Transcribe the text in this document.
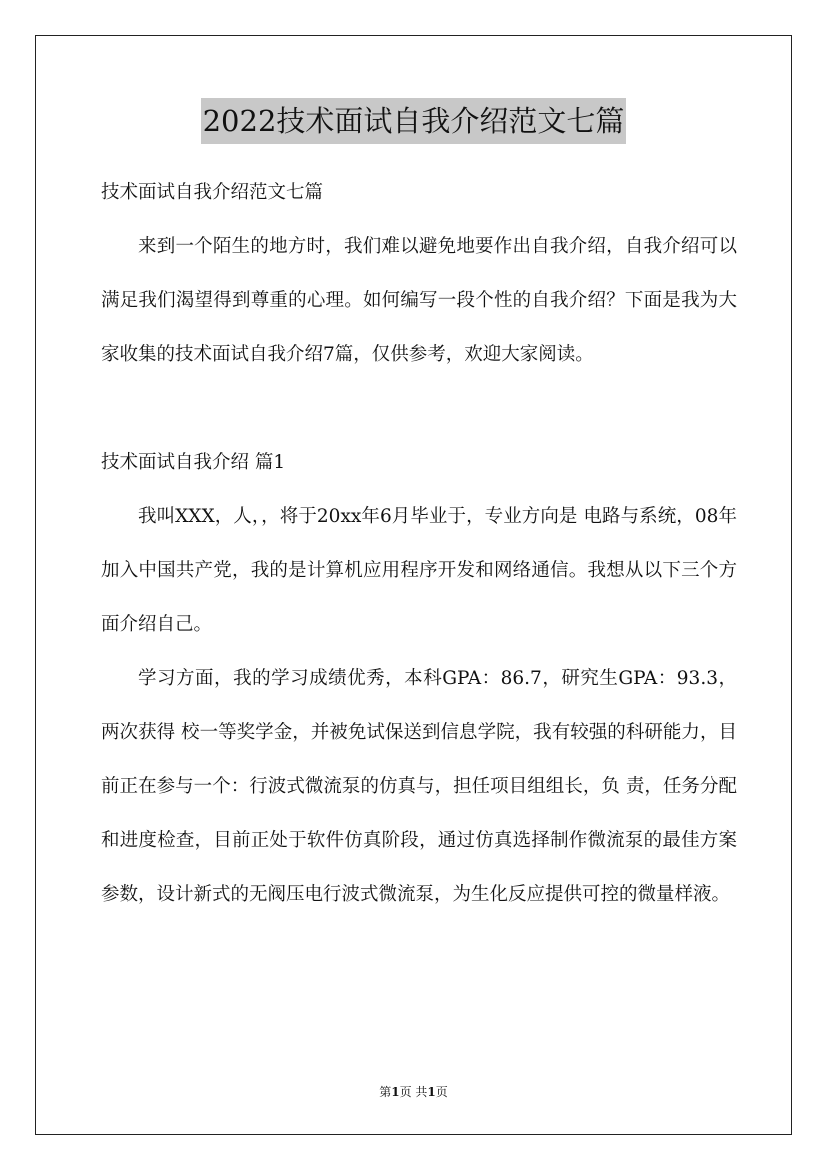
2022技术面试自我介绍范文七篇

技术面试自我介绍范文七篇

来到一个陌生的地方时，我们难以避免地要作出自我介绍，自我介绍可以满足我们渴望得到尊重的心理。如何编写一段个性的自我介绍？下面是我为大家收集的技术面试自我介绍7篇，仅供参考，欢迎大家阅读。

技术面试自我介绍 篇1

我叫XXX，人，，将于20xx年6月毕业于，专业方向是 电路与系统，08年加入中国共产党，我的是计算机应用程序开发和网络通信。我想从以下三个方面介绍自己。

学习方面，我的学习成绩优秀，本科GPA：86.7，研究生GPA：93.3，两次获得 校一等奖学金，并被免试保送到信息学院，我有较强的科研能力，目前正在参与一个：行波式微流泵的仿真与，担任项目组组长，负 责，任务分配和进度检查，目前正处于软件仿真阶段，通过仿真选择制作微流泵的最佳方案参数，设计新式的无阀压电行波式微流泵，为生化反应提供可控的微量样液。

第1页 共1页
